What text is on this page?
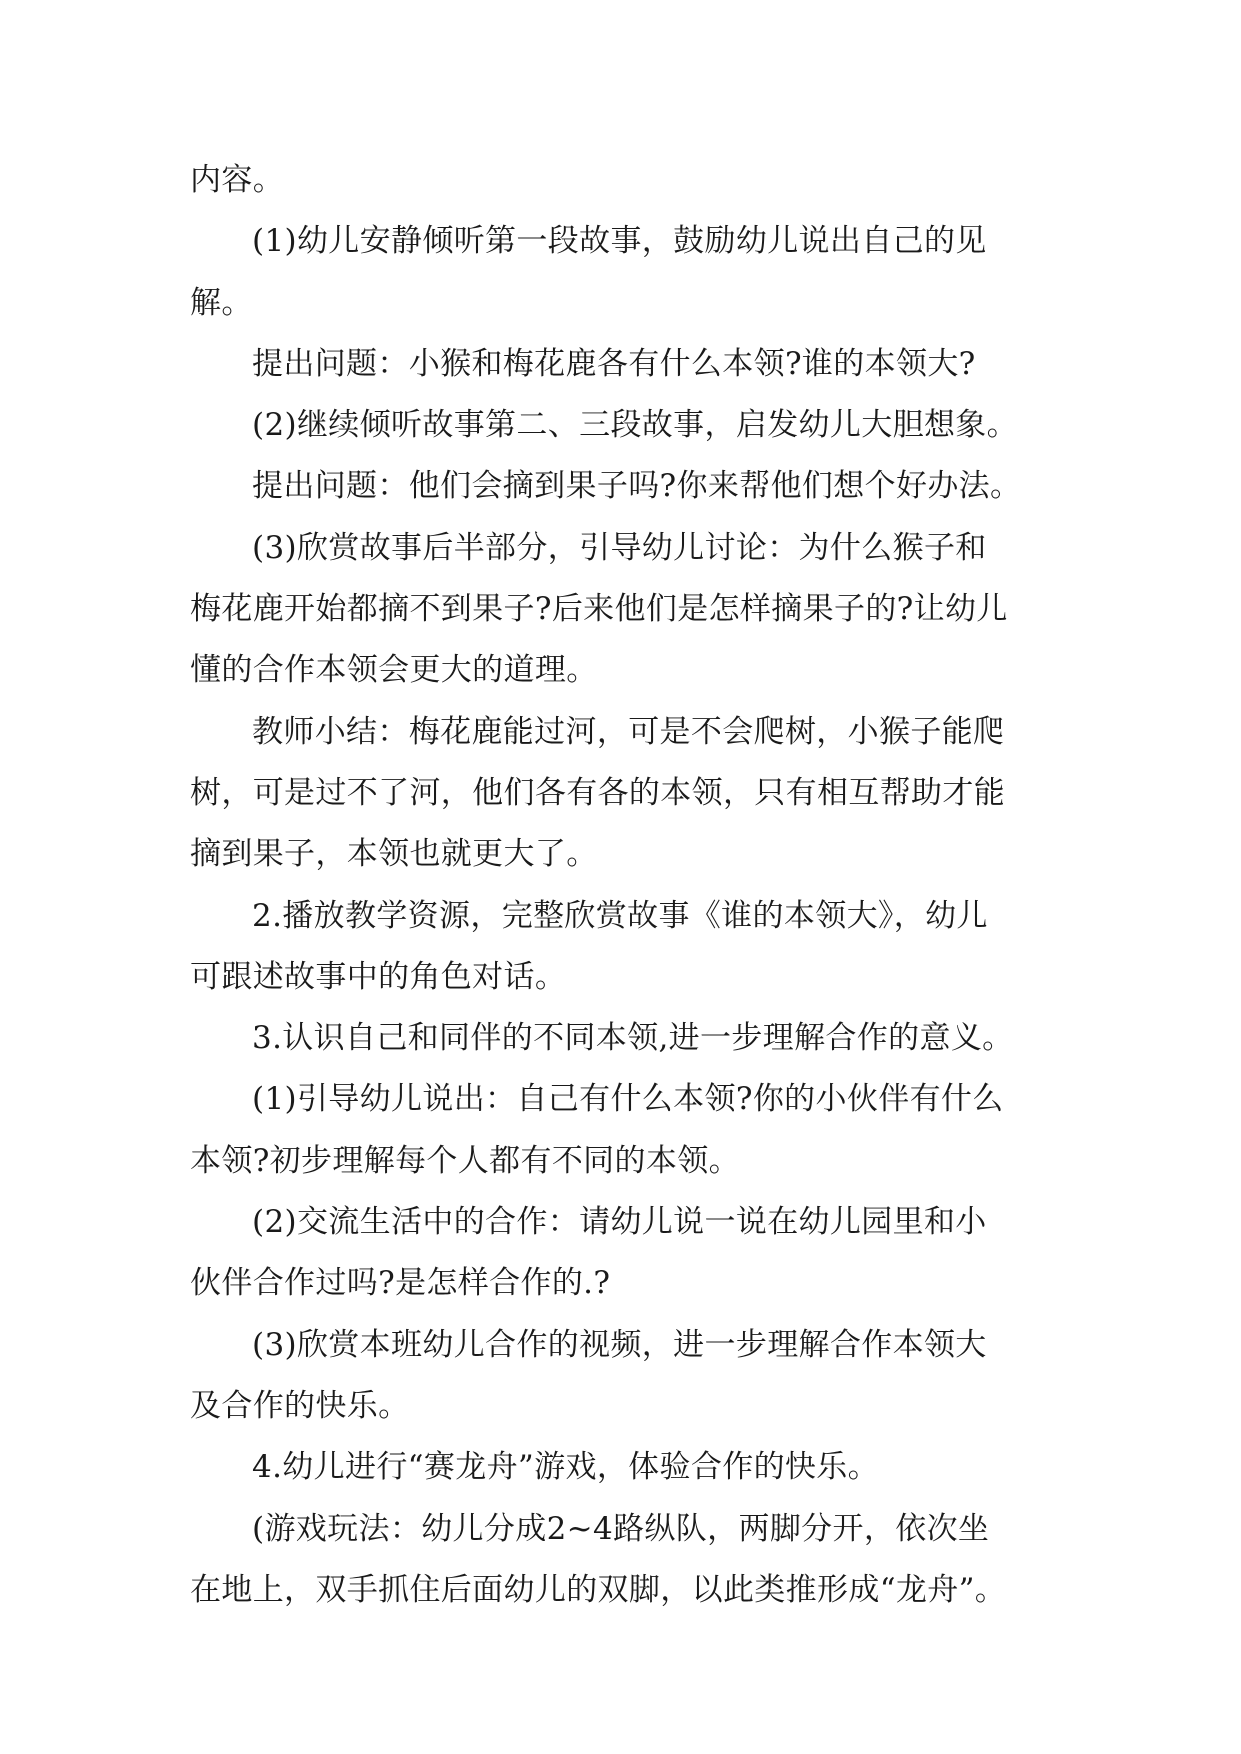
内容。
(1)幼儿安静倾听第一段故事，鼓励幼儿说出自己的见
解。
提出问题：小猴和梅花鹿各有什么本领?谁的本领大?
(2)继续倾听故事第二、三段故事，启发幼儿大胆想象。
提出问题：他们会摘到果子吗?你来帮他们想个好办法。
(3)欣赏故事后半部分，引导幼儿讨论：为什么猴子和
梅花鹿开始都摘不到果子?后来他们是怎样摘果子的?让幼儿
懂的合作本领会更大的道理。
教师小结：梅花鹿能过河，可是不会爬树，小猴子能爬
树，可是过不了河，他们各有各的本领，只有相互帮助才能
摘到果子，本领也就更大了。
2.播放教学资源，完整欣赏故事《谁的本领大》，幼儿
可跟述故事中的角色对话。
3.认识自己和同伴的不同本领,进一步理解合作的意义。
(1)引导幼儿说出：自己有什么本领?你的小伙伴有什么
本领?初步理解每个人都有不同的本领。
(2)交流生活中的合作：请幼儿说一说在幼儿园里和小
伙伴合作过吗?是怎样合作的.?
(3)欣赏本班幼儿合作的视频，进一步理解合作本领大
及合作的快乐。
4.幼儿进行“赛龙舟”游戏，体验合作的快乐。
(游戏玩法：幼儿分成2~4路纵队，两脚分开，依次坐
在地上，双手抓住后面幼儿的双脚，以此类推形成“龙舟”。
